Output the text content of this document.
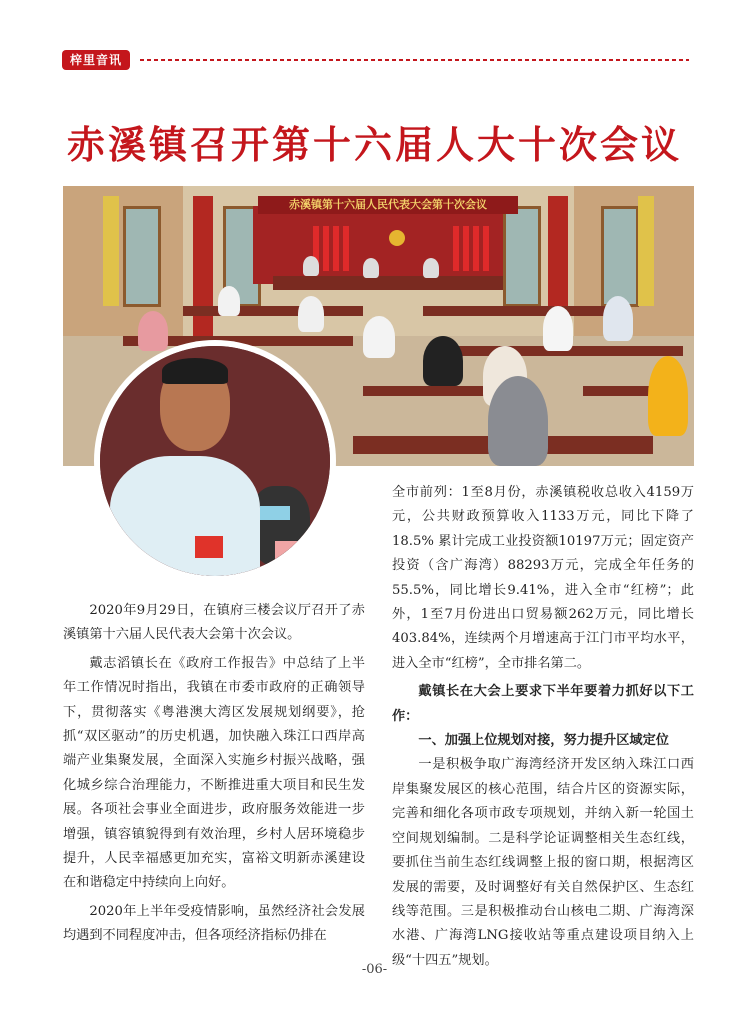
梓里音讯
赤溪镇召开第十六届人大十次会议
赤溪镇第十六届人民代表大会第十次会议

2020年9月29日，在镇府三楼会议厅召开了赤溪镇第十六届人民代表大会第十次会议。

戴志滔镇长在《政府工作报告》中总结了上半年工作情况时指出，我镇在市委市政府的正确领导下，贯彻落实《粤港澳大湾区发展规划纲要》，抢抓“双区驱动”的历史机遇，加快融入珠江口西岸高端产业集聚发展，全面深入实施乡村振兴战略，强化城乡综合治理能力，不断推进重大项目和民生发展。各项社会事业全面进步，政府服务效能进一步增强，镇容镇貌得到有效治理，乡村人居环境稳步提升，人民幸福感更加充实，富裕文明新赤溪建设在和谐稳定中持续向上向好。

2020年上半年受疫情影响，虽然经济社会发展均遇到不同程度冲击，但各项经济指标仍排在

全市前列：1至8月份，赤溪镇税收总收入4159万元，公共财政预算收入1133万元，同比下降了18.5% 累计完成工业投资额10197万元；固定资产投资（含广海湾）88293万元，完成全年任务的55.5%，同比增长9.41%，进入全市“红榜”；此外，1至7月份进出口贸易额262万元，同比增长403.84%，连续两个月增速高于江门市平均水平，进入全市“红榜”，全市排名第二。

戴镇长在大会上要求下半年要着力抓好以下工作：

一、加强上位规划对接，努力提升区域定位

一是积极争取广海湾经济开发区纳入珠江口西岸集聚发展区的核心范围，结合片区的资源实际，完善和细化各项市政专项规划，并纳入新一轮国土空间规划编制。二是科学论证调整相关生态红线，要抓住当前生态红线调整上报的窗口期，根据湾区发展的需要，及时调整好有关自然保护区、生态红线等范围。三是积极推动台山核电二期、广海湾深水港、广海湾LNG接收站等重点建设项目纳入上级“十四五”规划。

-06-
